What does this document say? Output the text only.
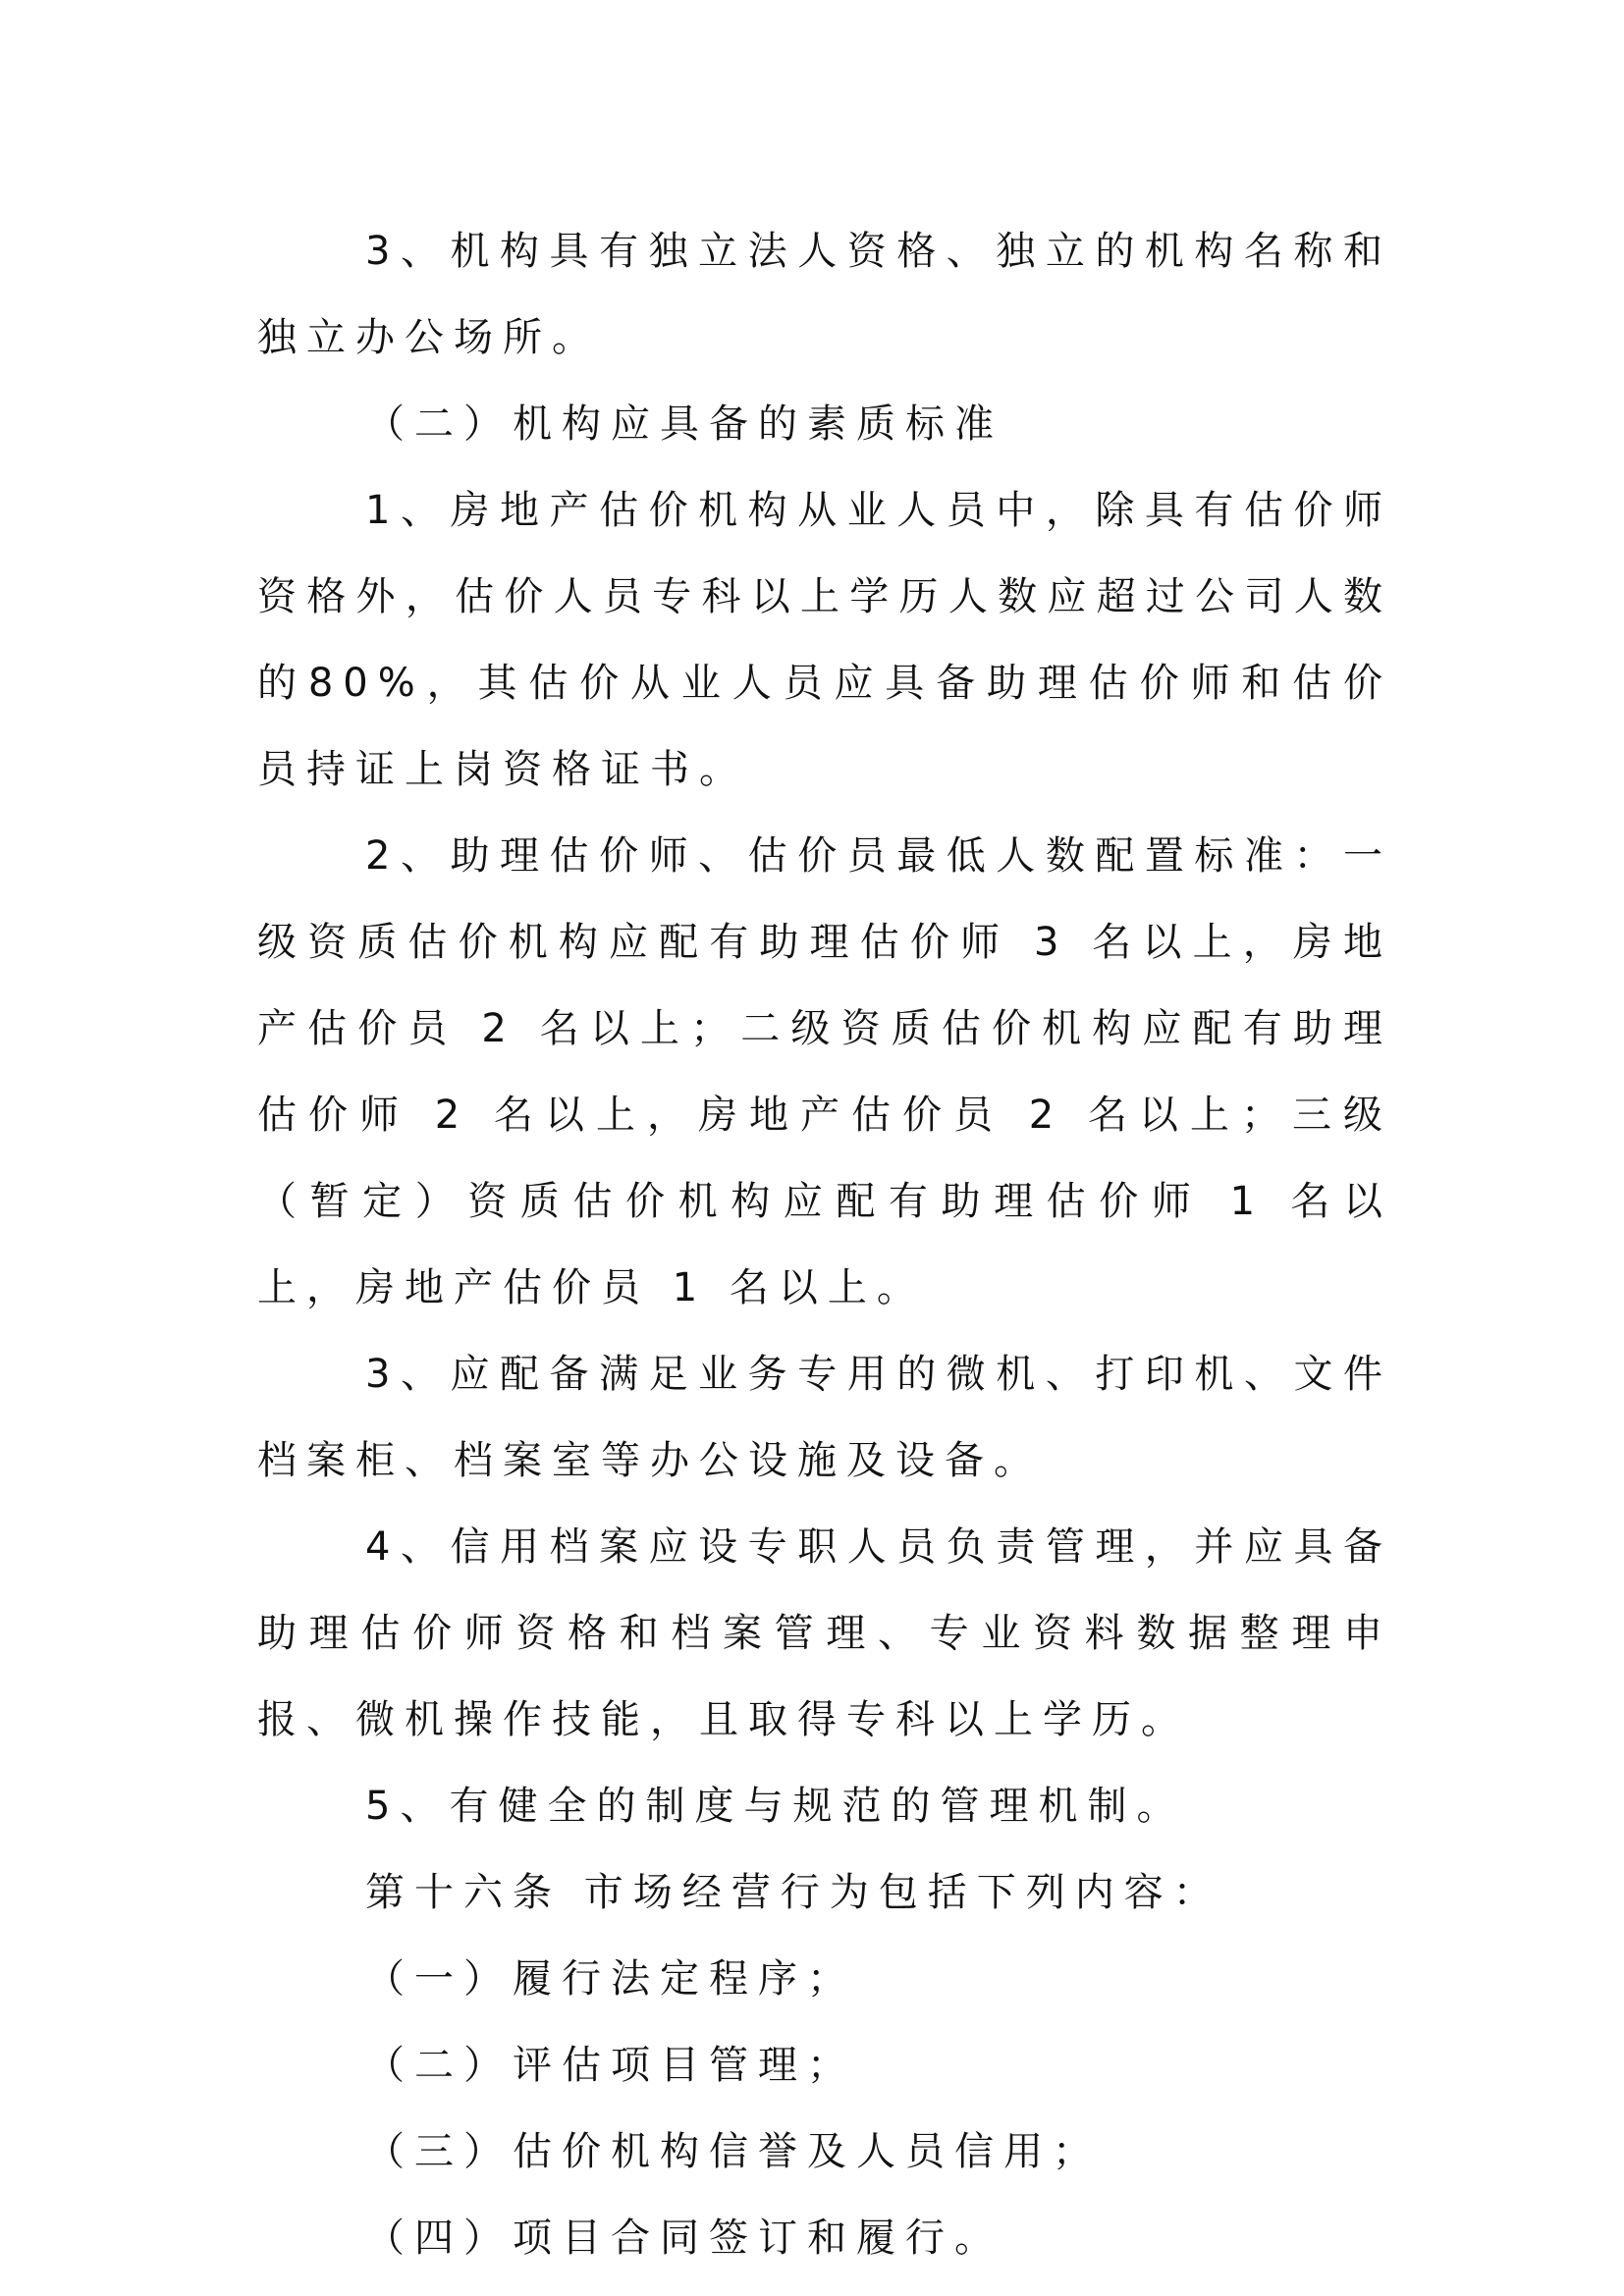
3、机构具有独立法人资格、独立的机构名称和独立办公场所。

（二）机构应具备的素质标准

1、房地产估价机构从业人员中，除具有估价师资格外，估价人员专科以上学历人数应超过公司人数的80%，其估价从业人员应具备助理估价师和估价员持证上岗资格证书。

2、助理估价师、估价员最低人数配置标准：一级资质估价机构应配有助理估价师 3 名以上，房地产估价员 2 名以上；二级资质估价机构应配有助理估价师 2 名以上，房地产估价员 2 名以上；三级（暂定）资质估价机构应配有助理估价师 1 名以上，房地产估价员 1 名以上。

3、应配备满足业务专用的微机、打印机、文件档案柜、档案室等办公设施及设备。

4、信用档案应设专职人员负责管理，并应具备助理估价师资格和档案管理、专业资料数据整理申报、微机操作技能，且取得专科以上学历。

5、有健全的制度与规范的管理机制。

第十六条 市场经营行为包括下列内容：

（一）履行法定程序；

（二）评估项目管理；

（三）估价机构信誉及人员信用；

（四）项目合同签订和履行。
